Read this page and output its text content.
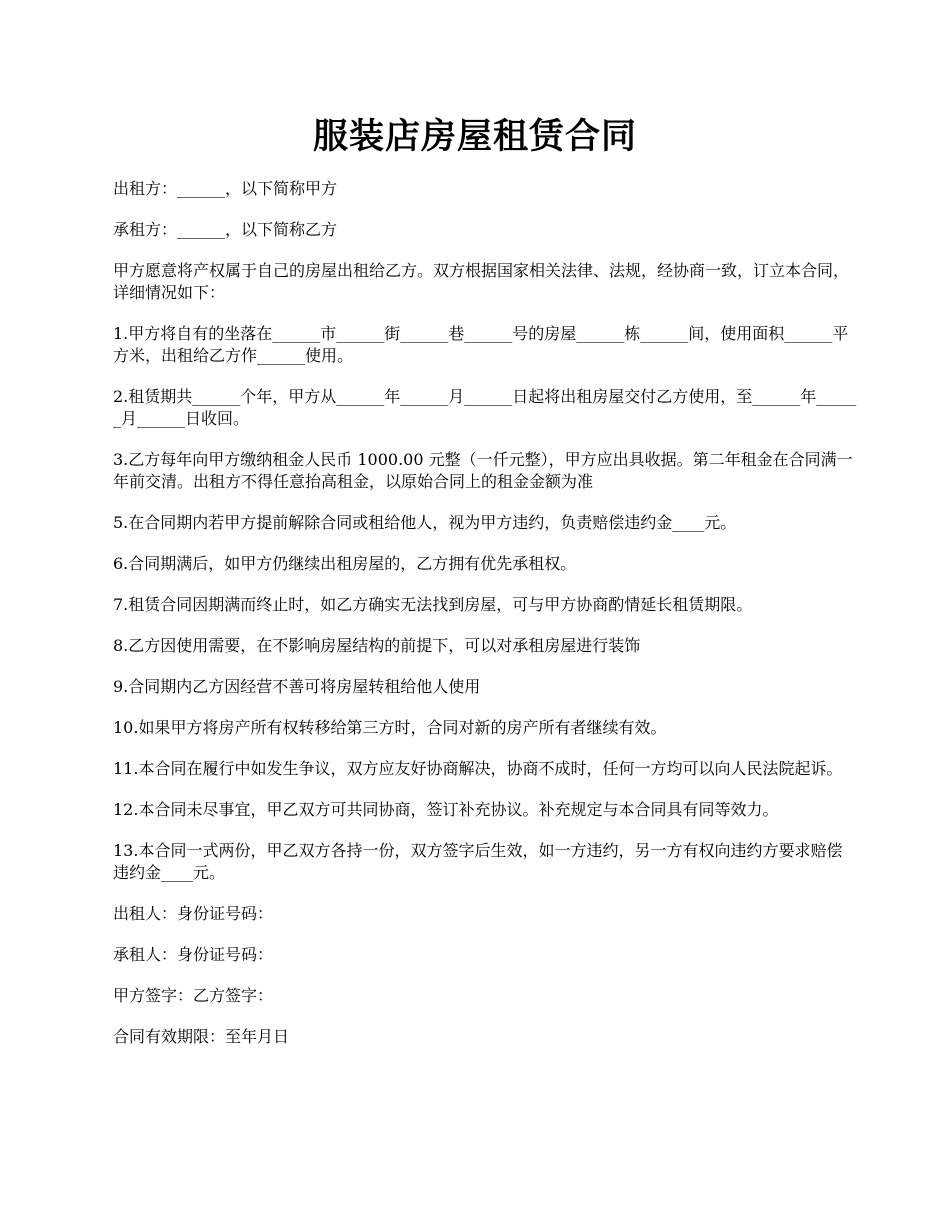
服装店房屋租赁合同

出租方：______，以下简称甲方

承租方：______，以下简称乙方

甲方愿意将产权属于自己的房屋出租给乙方。双方根据国家相关法律、法规，经协商一致，订立本合同，详细情况如下：

1.甲方将自有的坐落在______市______街______巷______号的房屋______栋______间，使用面积______平方米，出租给乙方作______使用。

2.租赁期共______个年，甲方从______年______月______日起将出租房屋交付乙方使用，至______年______月______日收回。

3.乙方每年向甲方缴纳租金人民币 1000.00 元整（一仟元整），甲方应出具收据。第二年租金在合同满一年前交清。出租方不得任意抬高租金，以原始合同上的租金金额为准

5.在合同期内若甲方提前解除合同或租给他人，视为甲方违约，负责赔偿违约金____元。

6.合同期满后，如甲方仍继续出租房屋的，乙方拥有优先承租权。

7.租赁合同因期满而终止时，如乙方确实无法找到房屋，可与甲方协商酌情延长租赁期限。

8.乙方因使用需要，在不影响房屋结构的前提下，可以对承租房屋进行装饰

9.合同期内乙方因经营不善可将房屋转租给他人使用

10.如果甲方将房产所有权转移给第三方时，合同对新的房产所有者继续有效。

11.本合同在履行中如发生争议，双方应友好协商解决，协商不成时，任何一方均可以向人民法院起诉。

12.本合同未尽事宜，甲乙双方可共同协商，签订补充协议。补充规定与本合同具有同等效力。

13.本合同一式两份，甲乙双方各持一份，双方签字后生效，如一方违约，另一方有权向违约方要求赔偿违约金____元。

出租人：身份证号码：

承租人：身份证号码：

甲方签字：乙方签字：

合同有效期限：至年月日
